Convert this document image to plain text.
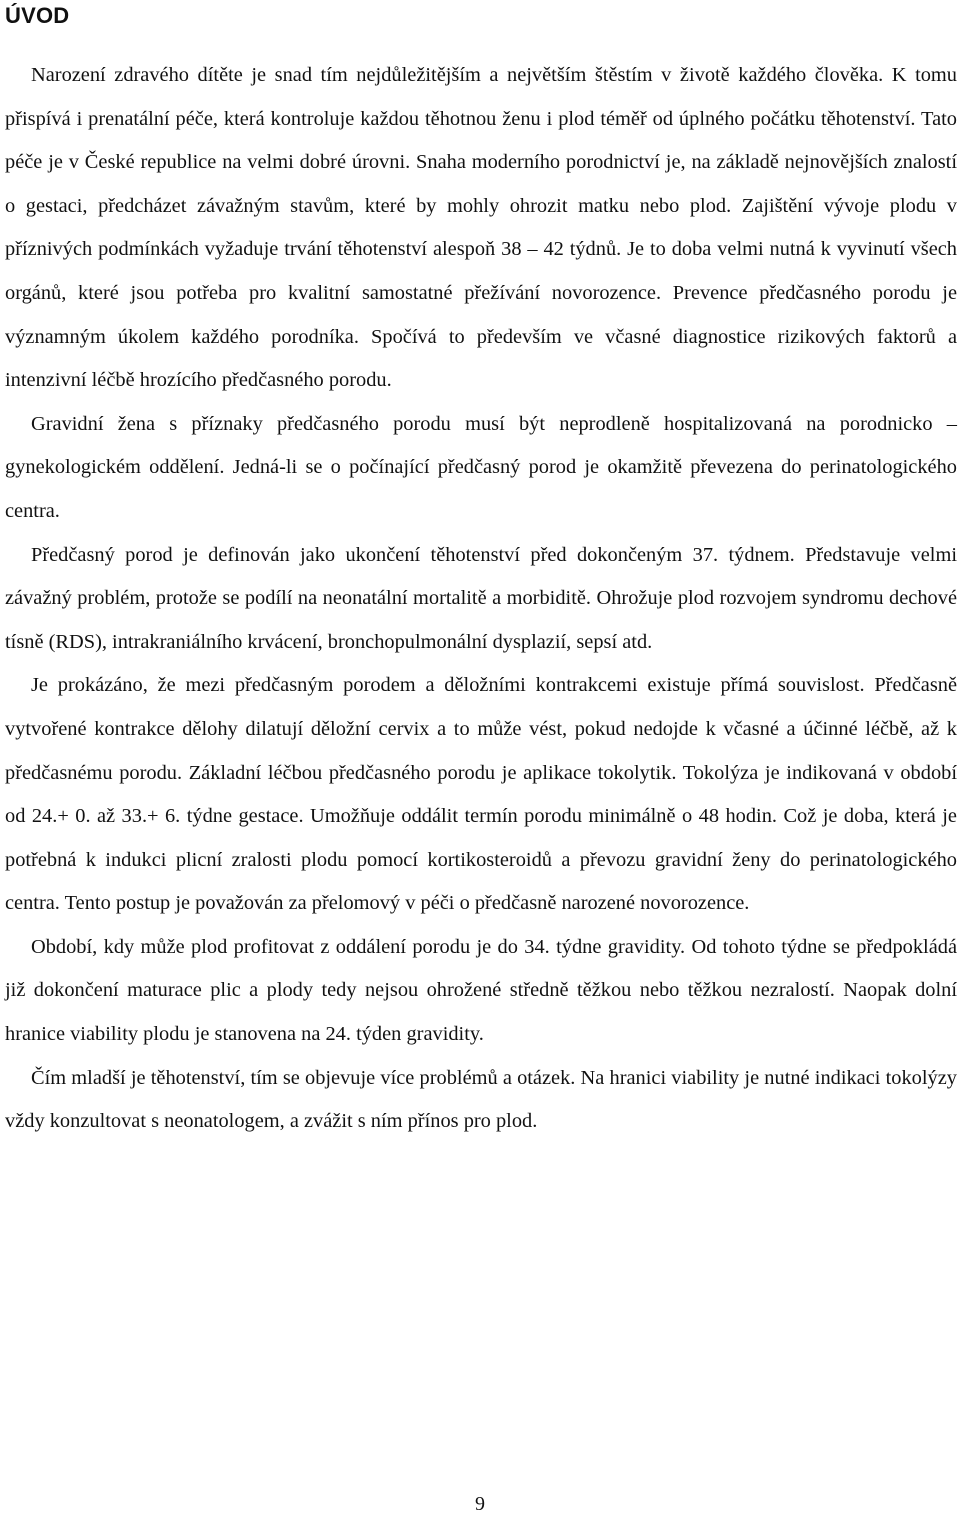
ÚVOD

Narození zdravého dítěte je snad tím nejdůležitějším a největším štěstím v životě každého člověka. K tomu přispívá i prenatální péče, která kontroluje každou těhotnou ženu i plod téměř od úplného počátku těhotenství. Tato péče je v České republice na velmi dobré úrovni. Snaha moderního porodnictví je, na základě nejnovějších znalostí o gestaci, předcházet závažným stavům, které by mohly ohrozit matku nebo plod. Zajištění vývoje plodu v příznivých podmínkách vyžaduje trvání těhotenství alespoň 38 – 42 týdnů. Je to doba velmi nutná k vyvinutí všech orgánů, které jsou potřeba pro kvalitní samostatné přežívání novorozence. Prevence předčasného porodu je významným úkolem každého porodníka. Spočívá to především ve včasné diagnostice rizikových faktorů a intenzivní léčbě hrozícího předčasného porodu.

Gravidní žena s příznaky předčasného porodu musí být neprodleně hospitalizovaná na porodnicko – gynekologickém oddělení. Jedná-li se o počínající předčasný porod je okamžitě převezena do perinatologického centra.

Předčasný porod je definován jako ukončení těhotenství před dokončeným 37. týdnem. Představuje velmi závažný problém, protože se podílí na neonatální mortalitě a morbiditě. Ohrožuje plod rozvojem syndromu dechové tísně (RDS), intrakraniálního krvácení, bronchopulmonální dysplazií, sepsí atd.

Je prokázáno, že mezi předčasným porodem a děložními kontrakcemi existuje přímá souvislost. Předčasně vytvořené kontrakce dělohy dilatují děložní cervix a to může vést, pokud nedojde k včasné a účinné léčbě, až k předčasnému porodu. Základní léčbou předčasného porodu je aplikace tokolytik. Tokolýza je indikovaná v období od 24.+ 0. až 33.+ 6. týdne gestace. Umožňuje oddálit termín porodu minimálně o 48 hodin. Což je doba, která je potřebná k indukci plicní zralosti plodu pomocí kortikosteroidů a převozu gravidní ženy do perinatologického centra. Tento postup je považován za přelomový v péči o předčasně narozené novorozence.

Období, kdy může plod profitovat z oddálení porodu je do 34. týdne gravidity. Od tohoto týdne se předpokládá již dokončení maturace plic a plody tedy nejsou ohrožené středně těžkou nebo těžkou nezralostí. Naopak dolní hranice viability plodu je stanovena na 24. týden gravidity.

Čím mladší je těhotenství, tím se objevuje více problémů a otázek. Na hranici viability je nutné indikaci tokolýzy vždy konzultovat s neonatologem, a zvážit s ním přínos pro plod.

9
